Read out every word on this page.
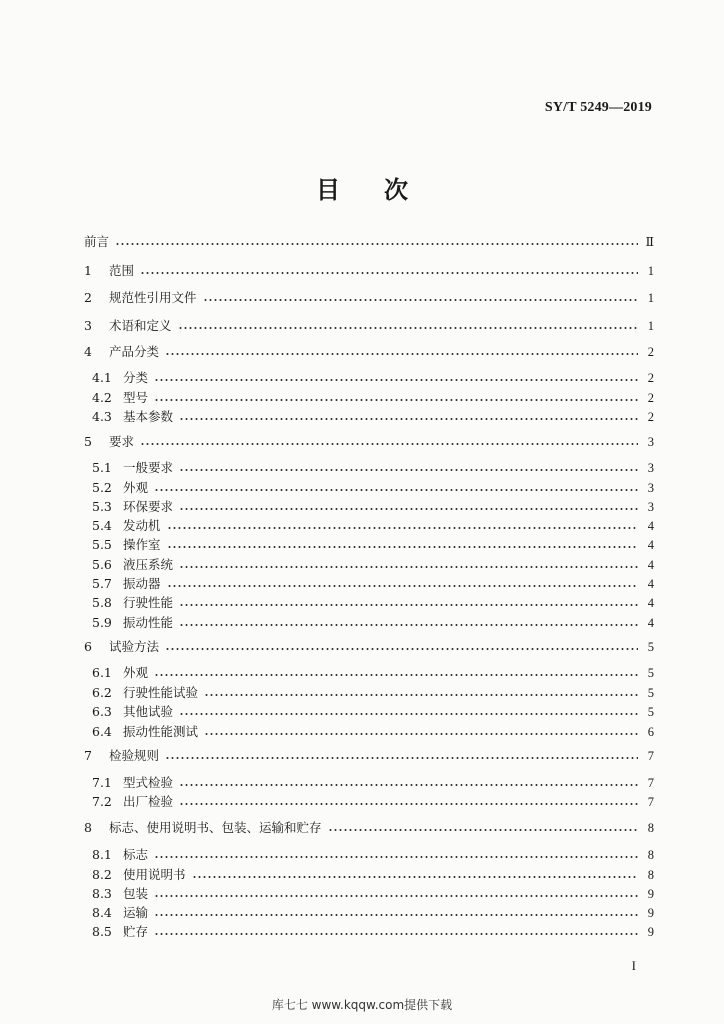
SY/T 5249—2019
目 次
前言	Ⅱ
1	范围	1
2	规范性引用文件	1
3	术语和定义	1
4	产品分类	2
4.1 分类	2
4.2 型号	2
4.3 基本参数	2
5	要求	3
5.1 一般要求	3
5.2 外观	3
5.3 环保要求	3
5.4 发动机	4
5.5 操作室	4
5.6 液压系统	4
5.7 振动器	4
5.8 行驶性能	4
5.9 振动性能	4
6	试验方法	5
6.1 外观	5
6.2 行驶性能试验	5
6.3 其他试验	5
6.4 振动性能测试	6
7	检验规则	7
7.1 型式检验	7
7.2 出厂检验	7
8	标志、使用说明书、包装、运输和贮存	8
8.1 标志	8
8.2 使用说明书	8
8.3 包装	9
8.4 运输	9
8.5 贮存	9
I
库七七 www.kqqw.com提供下载
